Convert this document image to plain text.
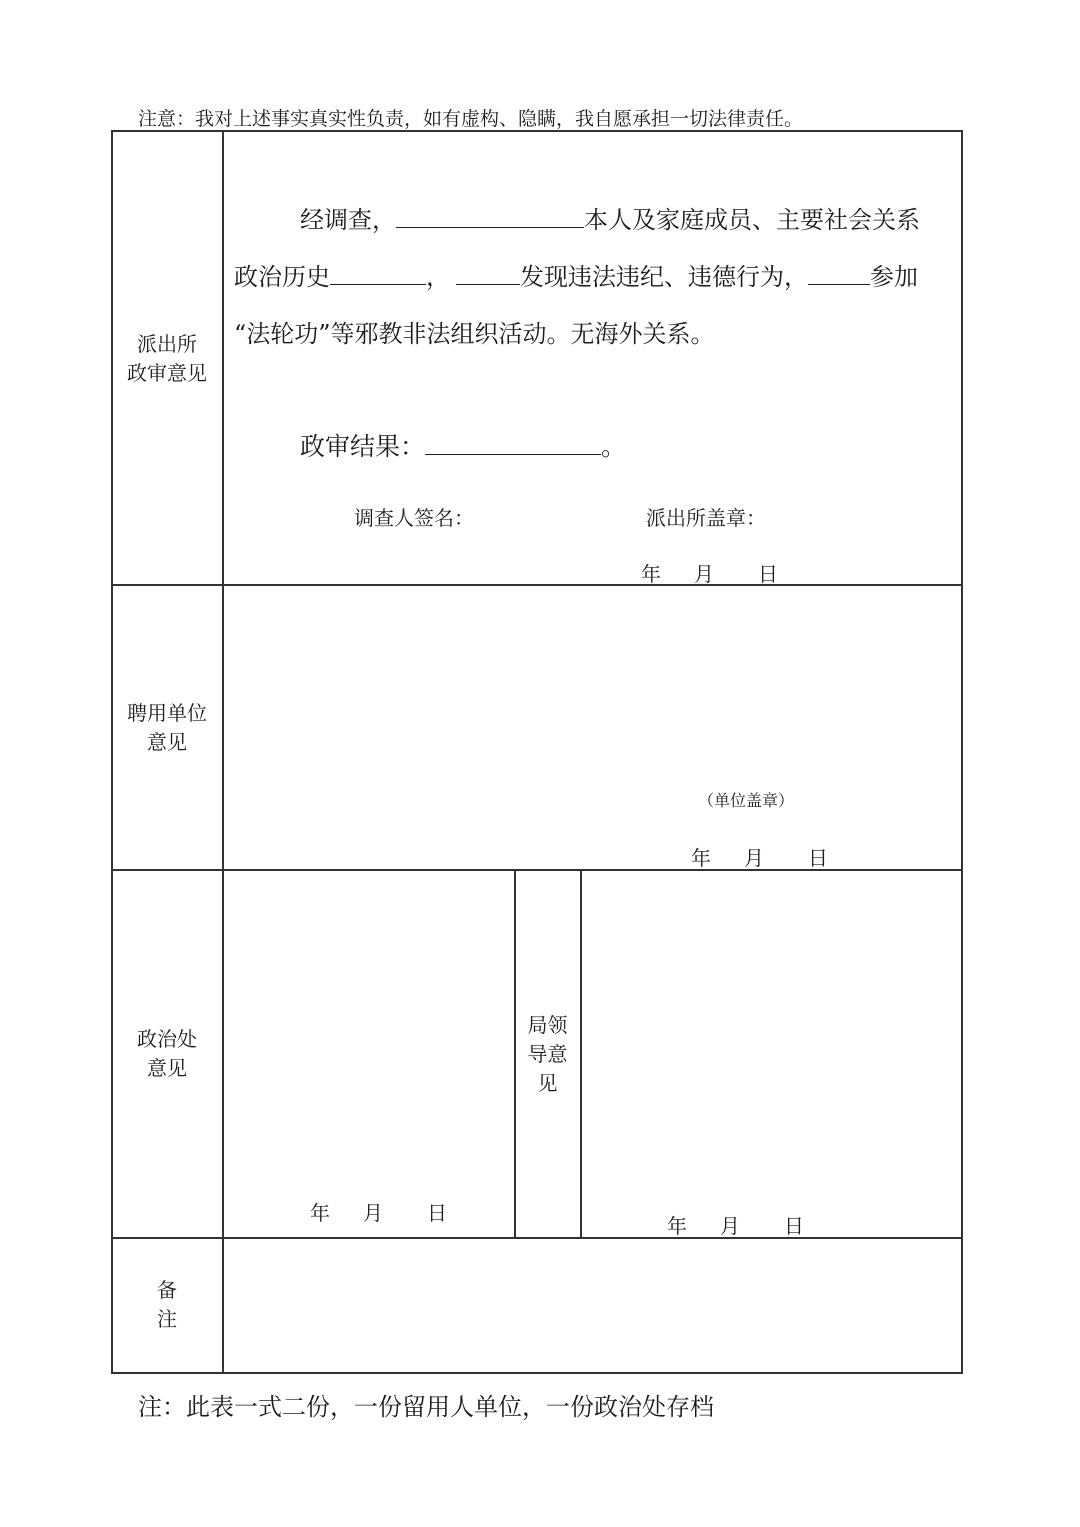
注意：我对上述事实真实性负责，如有虚构、隐瞒，我自愿承担一切法律责任。
派出所
政审意见
经调查，	本人及家庭成员、主要社会关系
政治历史	，	发现违法违纪、违德行为，	参加
“法轮功”等邪教非法组织活动。无海外关系。
政审结果：	。
调查人签名：	派出所盖章：
年 月 日
聘用单位
意见
（单位盖章）
年 月 日
政治处
意见
年 月 日
局领
导意
见
年 月 日
备
注
注：此表一式二份，一份留用人单位，一份政治处存档
